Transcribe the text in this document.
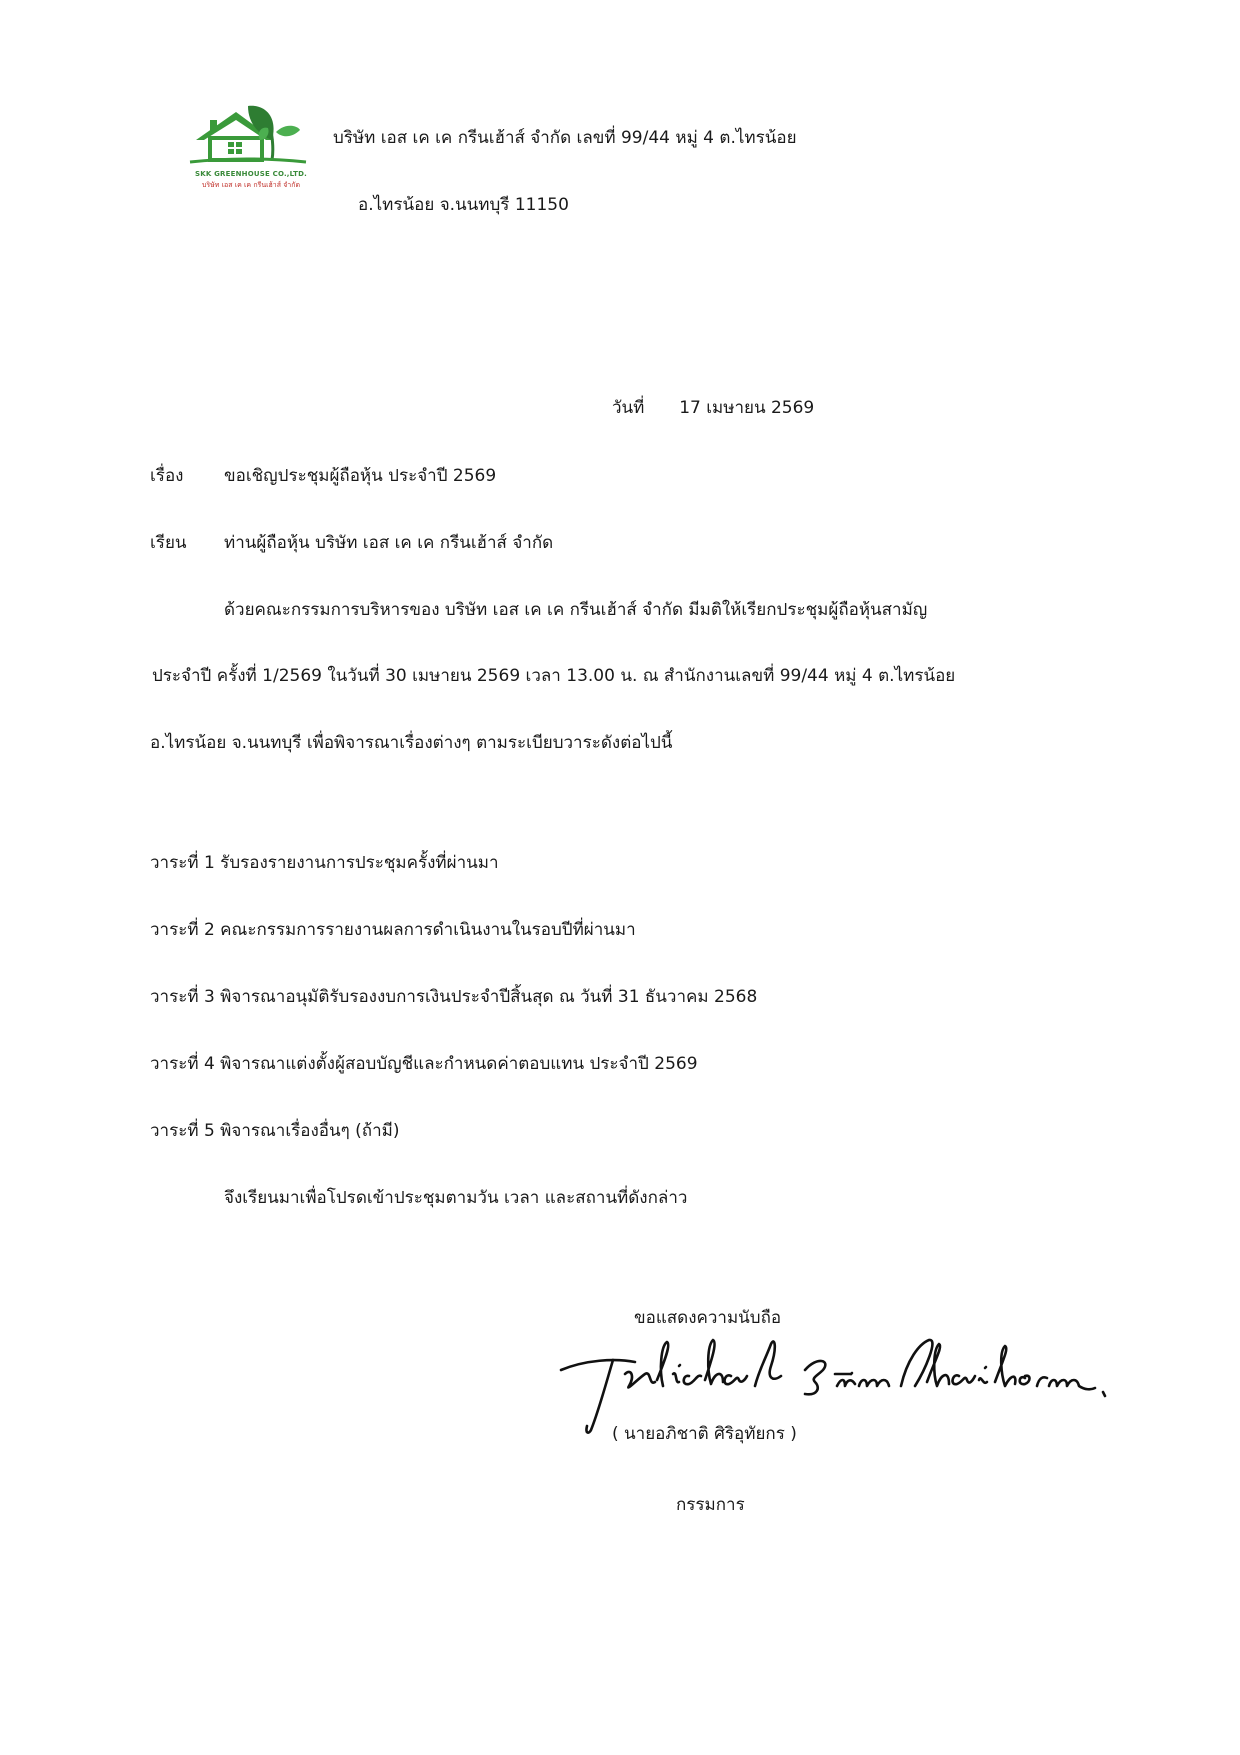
SKK GREENHOUSE CO.,LTD.
บริษัท เอส เค เค กรีนเฮ้าส์ จำกัด
บริษัท เอส เค เค กรีนเฮ้าส์ จำกัด เลขที่ 99/44 หมู่ 4 ต.ไทรน้อย
อ.ไทรน้อย จ.นนทบุรี 11150
วันที่ 17 เมษายน 2569
เรื่อง ขอเชิญประชุมผู้ถือหุ้น ประจำปี 2569
เรียน ท่านผู้ถือหุ้น บริษัท เอส เค เค กรีนเฮ้าส์ จำกัด
ด้วยคณะกรรมการบริหารของ บริษัท เอส เค เค กรีนเฮ้าส์ จำกัด มีมติให้เรียกประชุมผู้ถือหุ้นสามัญ
ประจำปี ครั้งที่ 1/2569 ในวันที่ 30 เมษายน 2569 เวลา 13.00 น. ณ สำนักงานเลขที่ 99/44 หมู่ 4 ต.ไทรน้อย
อ.ไทรน้อย จ.นนทบุรี เพื่อพิจารณาเรื่องต่างๆ ตามระเบียบวาระดังต่อไปนี้
วาระที่ 1 รับรองรายงานการประชุมครั้งที่ผ่านมา
วาระที่ 2 คณะกรรมการรายงานผลการดำเนินงานในรอบปีที่ผ่านมา
วาระที่ 3 พิจารณาอนุมัติรับรองงบการเงินประจำปีสิ้นสุด ณ วันที่ 31 ธันวาคม 2568
วาระที่ 4 พิจารณาแต่งตั้งผู้สอบบัญชีและกำหนดค่าตอบแทน ประจำปี 2569
วาระที่ 5 พิจารณาเรื่องอื่นๆ (ถ้ามี)
จึงเรียนมาเพื่อโปรดเข้าประชุมตามวัน เวลา และสถานที่ดังกล่าว
ขอแสดงความนับถือ
( นายอภิชาติ ศิริอุทัยกร )
กรรมการ
